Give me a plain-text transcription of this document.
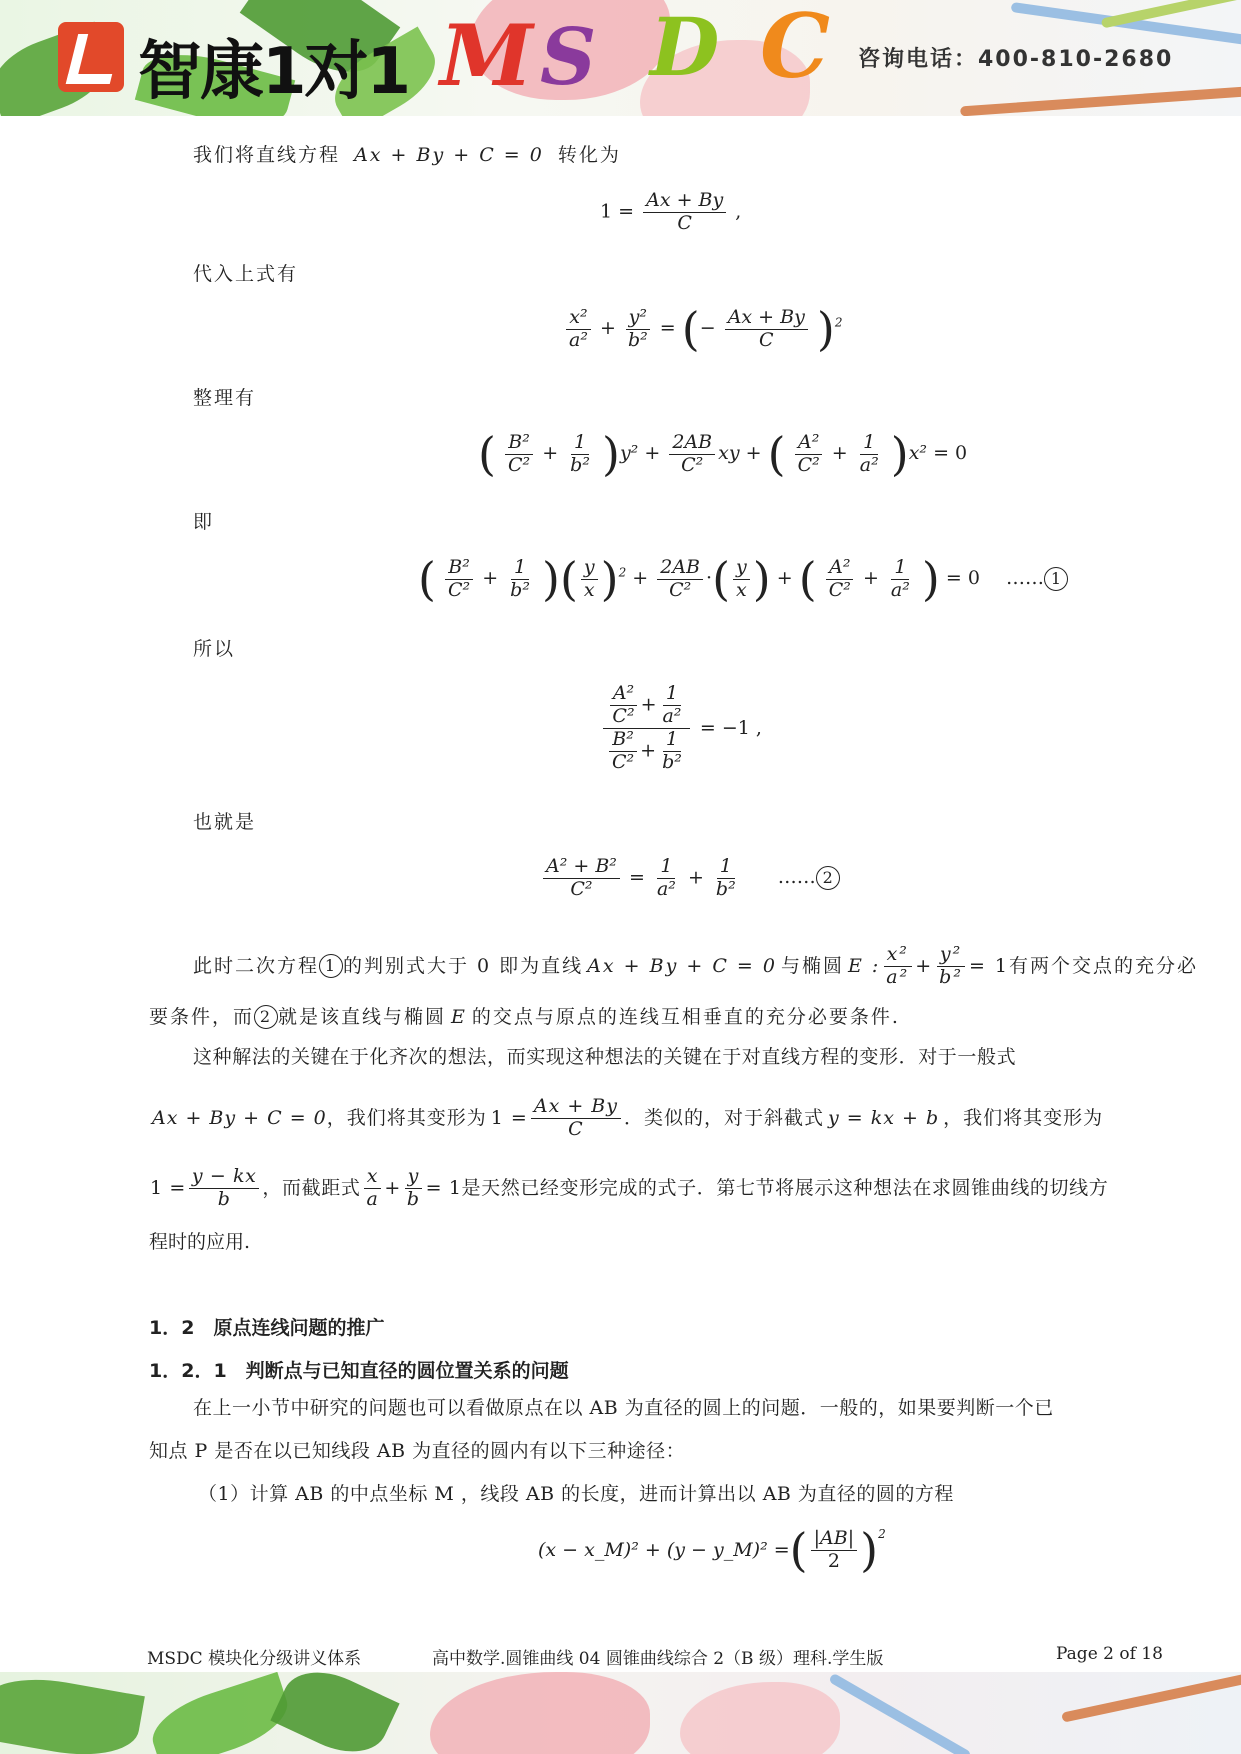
智康1对1 M S D C 咨询电话：400-810-2680
我们将直线方程 Ax + By + C = 0 转化为
$1 = \frac{Ax + By}{C}$ ,
代入上式有
$\frac{\text{x²}}{\text{a²}} + \frac{\text{y²}}{\text{b²}}$ = (− $\frac{Ax + By}{C} )^2$
整理有
( $\frac{\text{B²}}{\text{C²}} + \frac{1}{\text{b²}} )y^2 + \frac{2AB}{\text{C²}}$ xy + ( $\frac{\text{A²}}{\text{C²}} + \frac{1}{\text{a²}} )x^2 = 0$
即
( $\frac{\text{B²}}{\text{C²}} + \frac{1}{\text{b²}}$ )( $\frac{y}{x} )^2 + \frac{2AB}{\text{C²}}$ ·( $\frac{y}{x}$ ) + ( $\frac{\text{A²}}{\text{C²}} + \frac{1}{\text{a²}}$ ) = 0 …… 1
所以
$\frac{\frac{\text{A²}}{\text{C²}} + \frac{1}{\text{a²}}}{\frac{\text{B²}}{\text{C²}} + \frac{1}{\text{b²}}} = -1$ ,
也就是
$\frac{\text{A² + B²}}{\text{C²}} = \frac{1}{\text{a²}} + \frac{1}{\text{b²}}$ …… 2
此时二次方程 1 的判别式大于 0 即为直线 Ax + By + C = 0 与椭圆 E : $\frac{\text{x²}}{\text{a²}} + \frac{\text{y²}}{\text{b²}} = 1$ 有两个交点的充分必
要条件，而 2 就是该直线与椭圆 E 的交点与原点的连线互相垂直的充分必要条件.
这种解法的关键在于化齐次的想法，而实现这种想法的关键在于对直线方程的变形．对于一般式
Ax + By + C = 0 ，我们将其变形为 $1 = \frac{Ax + By}{C}$ ．类似的，对于斜截式 y = kx + b ，我们将其变形为
$1 = \frac{y - kx}{b}$ ，而截距式 $\frac{x}{a} + \frac{y}{b} = 1$ 是天然已经变形完成的式子．第七节将展示这种想法在求圆锥曲线的切线方
程时的应用.
1．2　原点连线问题的推广
1．2．1　判断点与已知直径的圆位置关系的问题
在上一小节中研究的问题也可以看做原点在以 AB 为直径的圆上的问题．一般的，如果要判断一个已
知点 P 是否在以已知线段 AB 为直径的圆内有以下三种途径：
（1）计算 AB 的中点坐标 M ，线段 AB 的长度，进而计算出以 AB 为直径的圆的方程
(x − x_M)² + (y − y_M)² = ( $\frac{|AB|}{2}$ ) 2
MSDC 模块化分级讲义体系	高中数学.圆锥曲线 04 圆锥曲线综合 2（B 级）理科.学生版	Page 2 of 18
